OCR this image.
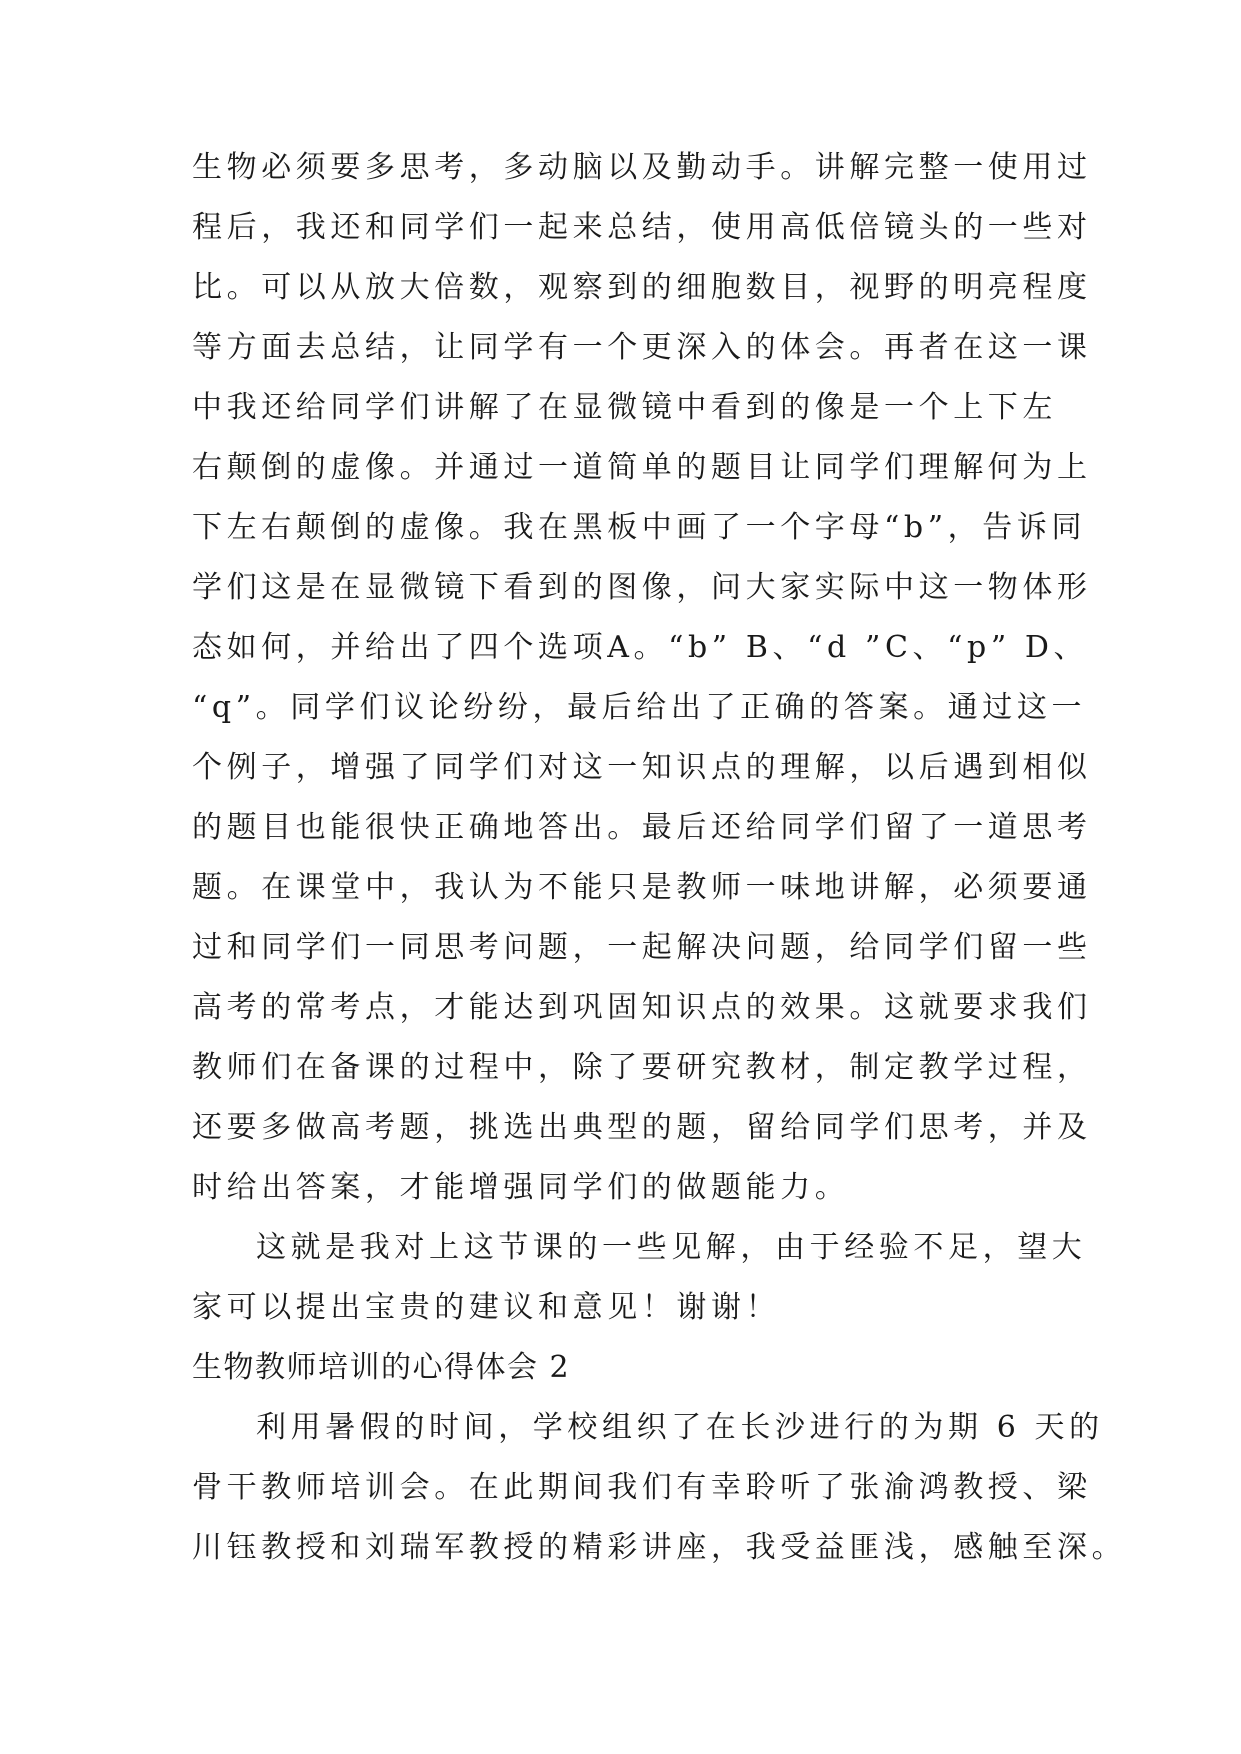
生物必须要多思考，多动脑以及勤动手。讲解完整一使用过
程后，我还和同学们一起来总结，使用高低倍镜头的一些对
比。可以从放大倍数，观察到的细胞数目，视野的明亮程度
等方面去总结，让同学有一个更深入的体会。再者在这一课
中我还给同学们讲解了在显微镜中看到的像是一个上下左
右颠倒的虚像。并通过一道简单的题目让同学们理解何为上
下左右颠倒的虚像。我在黑板中画了一个字母“b”，告诉同
学们这是在显微镜下看到的图像，问大家实际中这一物体形
态如何，并给出了四个选项A。“b” B、“d ”C、“p” D、
“q”。同学们议论纷纷，最后给出了正确的答案。通过这一
个例子，增强了同学们对这一知识点的理解，以后遇到相似
的题目也能很快正确地答出。最后还给同学们留了一道思考
题。在课堂中，我认为不能只是教师一味地讲解，必须要通
过和同学们一同思考问题，一起解决问题，给同学们留一些
高考的常考点，才能达到巩固知识点的效果。这就要求我们
教师们在备课的过程中，除了要研究教材，制定教学过程，
还要多做高考题，挑选出典型的题，留给同学们思考，并及
时给出答案，才能增强同学们的做题能力。
这就是我对上这节课的一些见解，由于经验不足，望大
家可以提出宝贵的建议和意见！谢谢！
生物教师培训的心得体会 2
利用暑假的时间，学校组织了在长沙进行的为期 6 天的
骨干教师培训会。在此期间我们有幸聆听了张渝鸿教授、梁
川钰教授和刘瑞军教授的精彩讲座，我受益匪浅，感触至深。
